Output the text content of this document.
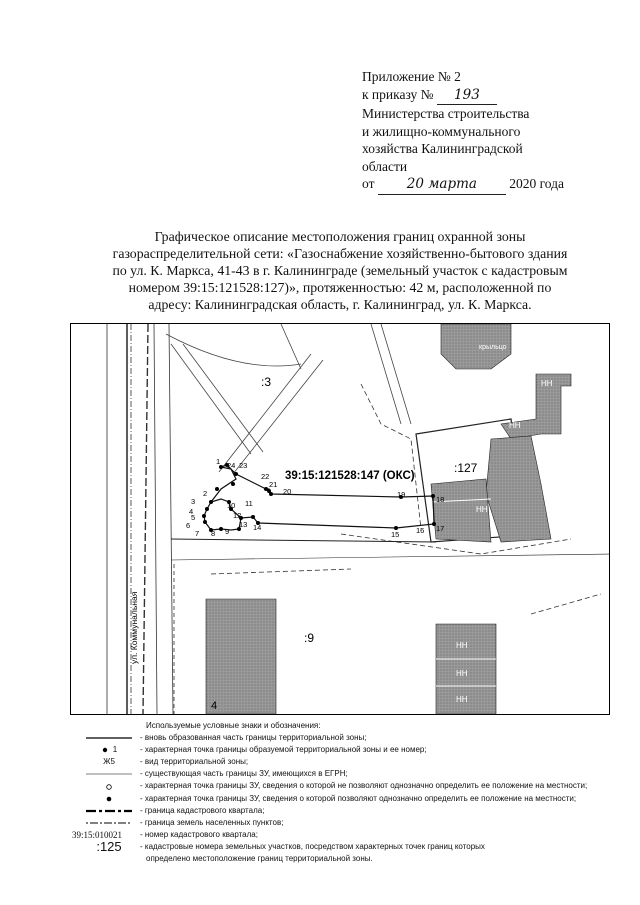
Приложение № 2
к приказу № 193
Министерства строительства
и жилищно-коммунального
хозяйства Калининградской
области
от 20 марта 2020 года
Графическое описание местоположения границ охранной зоны
газораспределительной сети: «Газоснабжение хозяйственно-бытового здания
по ул. К. Маркса, 41-43 в г. Калининграде (земельный участок с кадастровым
номером 39:15:121528:127)», протяженностью: 42 м, расположенной по
адресу: Калининградская область, г. Калининград, ул. К. Маркса.
1
2
3
4
5
6
7 8 9
10 11
12
13 14
15 16 17
18
19
20
21
22
23
24
:3
:127
:9
39:15:121528:147 (ОКС)
крыльцо
НН
НН
НН
НН
НН
НН
4
ул. Коммунальная
Используемые условные знаки и обозначения:
- вновь образованная часть границы территориальной зоны;
1	- характерная точка границы образуемой территориальной зоны и ее номер;
Ж5	- вид территориальной зоны;
- существующая часть границы ЗУ, имеющихся в ЕГРН;
- характерная точка границы ЗУ, сведения о которой не позволяют однозначно определить ее положение на местности;
- характерная точка границы ЗУ, сведения о которой позволяют однозначно определить ее положение на местности;
- граница кадастрового квартала;
- граница земель населенных пунктов;
39:15:010021 - номер кадастрового квартала;
:125 - кадастровые номера земельных участков, посредством характерных точек границ которых
определено местоположение границ территориальной зоны.
